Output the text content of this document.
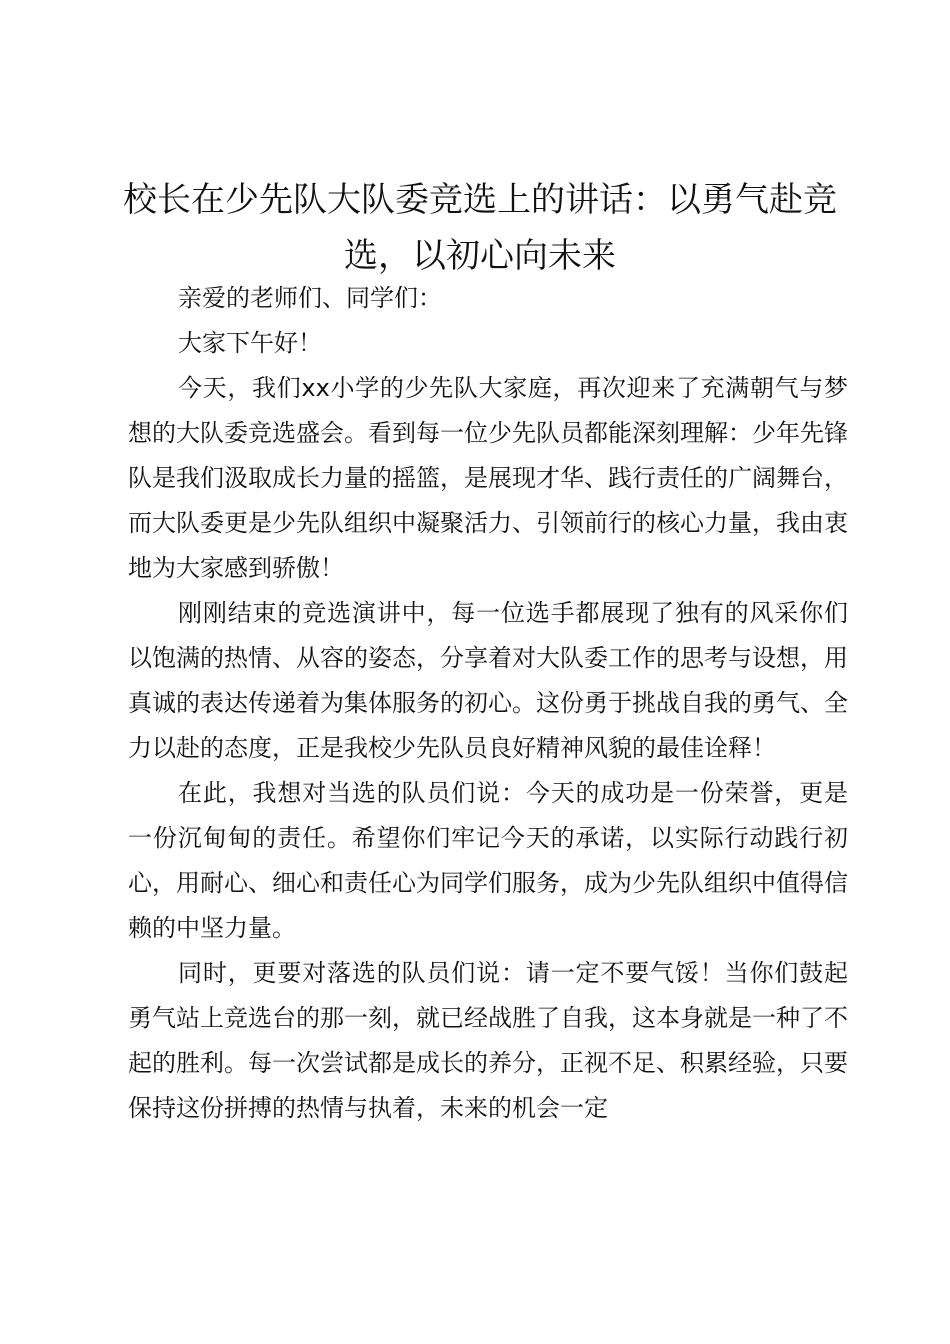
校长在少先队大队委竞选上的讲话：以勇气赴竞选，以初心向未来

亲爱的老师们、同学们：

大家下午好！

今天，我们xx小学的少先队大家庭，再次迎来了充满朝气与梦想的大队委竞选盛会。看到每一位少先队员都能深刻理解：少年先锋队是我们汲取成长力量的摇篮，是展现才华、践行责任的广阔舞台，而大队委更是少先队组织中凝聚活力、引领前行的核心力量，我由衷地为大家感到骄傲！

刚刚结束的竞选演讲中，每一位选手都展现了独有的风采你们以饱满的热情、从容的姿态，分享着对大队委工作的思考与设想，用真诚的表达传递着为集体服务的初心。这份勇于挑战自我的勇气、全力以赴的态度，正是我校少先队员良好精神风貌的最佳诠释！

在此，我想对当选的队员们说：今天的成功是一份荣誉，更是一份沉甸甸的责任。希望你们牢记今天的承诺，以实际行动践行初心，用耐心、细心和责任心为同学们服务，成为少先队组织中值得信赖的中坚力量。

同时，更要对落选的队员们说：请一定不要气馁！当你们鼓起勇气站上竞选台的那一刻，就已经战胜了自我，这本身就是一种了不起的胜利。每一次尝试都是成长的养分，正视不足、积累经验，只要保持这份拼搏的热情与执着，未来的机会一定
